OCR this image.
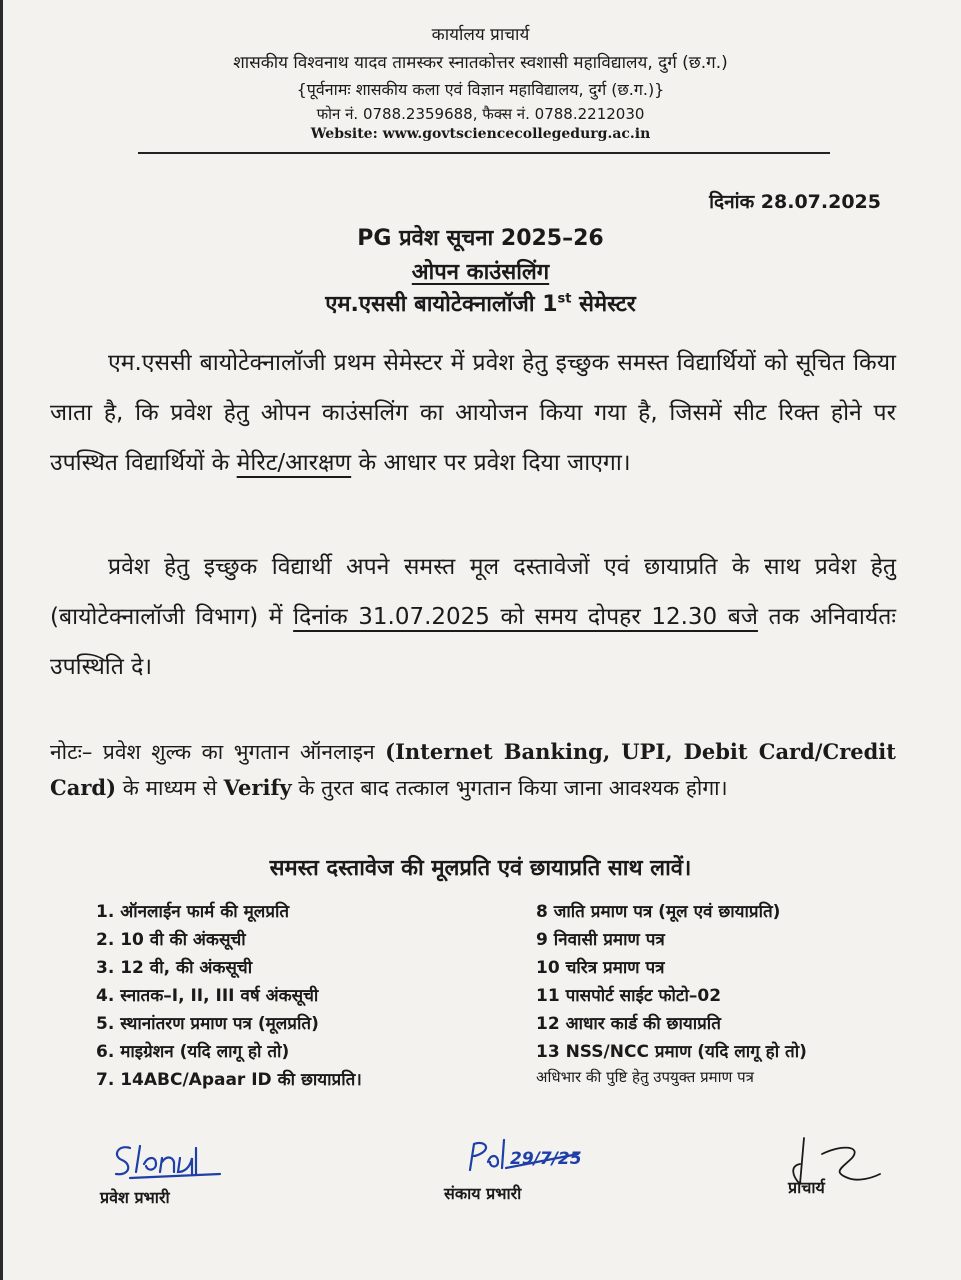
कार्यालय प्राचार्य
शासकीय विश्वनाथ यादव तामस्कर स्नातकोत्तर स्वशासी महाविद्यालय, दुर्ग (छ.ग.)
{पूर्वनामः शासकीय कला एवं विज्ञान महाविद्यालय, दुर्ग (छ.ग.)}
फोन नं. 0788.2359688, फैक्स नं. 0788.2212030
Website: www.govtsciencecollegedurg.ac.in
दिनांक 28.07.2025
PG प्रवेश सूचना 2025–26
ओपन काउंसलिंग
एम.एससी बायोटेक्नालॉजी 1st सेमेस्टर
एम.एससी बायोटेक्नालॉजी प्रथम सेमेस्टर में प्रवेश हेतु इच्छुक समस्त विद्यार्थियों को सूचित किया जाता है, कि प्रवेश हेतु ओपन काउंसलिंग का आयोजन किया गया है, जिसमें सीट रिक्त होने पर उपस्थित विद्यार्थियों के मेरिट/आरक्षण के आधार पर प्रवेश दिया जाएगा।
प्रवेश हेतु इच्छुक विद्यार्थी अपने समस्त मूल दस्तावेजों एवं छायाप्रति के साथ प्रवेश हेतु (बायोटेक्नालॉजी विभाग) में दिनांक 31.07.2025 को समय दोपहर 12.30 बजे तक अनिवार्यतः उपस्थिति दे।
नोटः– प्रवेश शुल्क का भुगतान ऑनलाइन (Internet Banking, UPI, Debit Card/Credit Card) के माध्यम से Verify के तुरत बाद तत्काल भुगतान किया जाना आवश्यक होगा।
समस्त दस्तावेज की मूलप्रति एवं छायाप्रति साथ लावें।
1. ऑनलाईन फार्म की मूलप्रति
2. 10 वी की अंकसूची
3. 12 वी, की अंकसूची
4. स्नातक–I, II, III वर्ष अंकसूची
5. स्थानांतरण प्रमाण पत्र (मूलप्रति)
6. माइग्रेशन (यदि लागू हो तो)
7. 14ABC/Apaar ID की छायाप्रति।
8 जाति प्रमाण पत्र (मूल एवं छायाप्रति)
9 निवासी प्रमाण पत्र
10 चरित्र प्रमाण पत्र
11 पासपोर्ट साईट फोटो–02
12 आधार कार्ड की छायाप्रति
13 NSS/NCC प्रमाण (यदि लागू हो तो)
अधिभार की पुष्टि हेतु उपयुक्त प्रमाण पत्र
प्रवेश प्रभारी
29/7/25
संकाय प्रभारी	प्राचार्य
